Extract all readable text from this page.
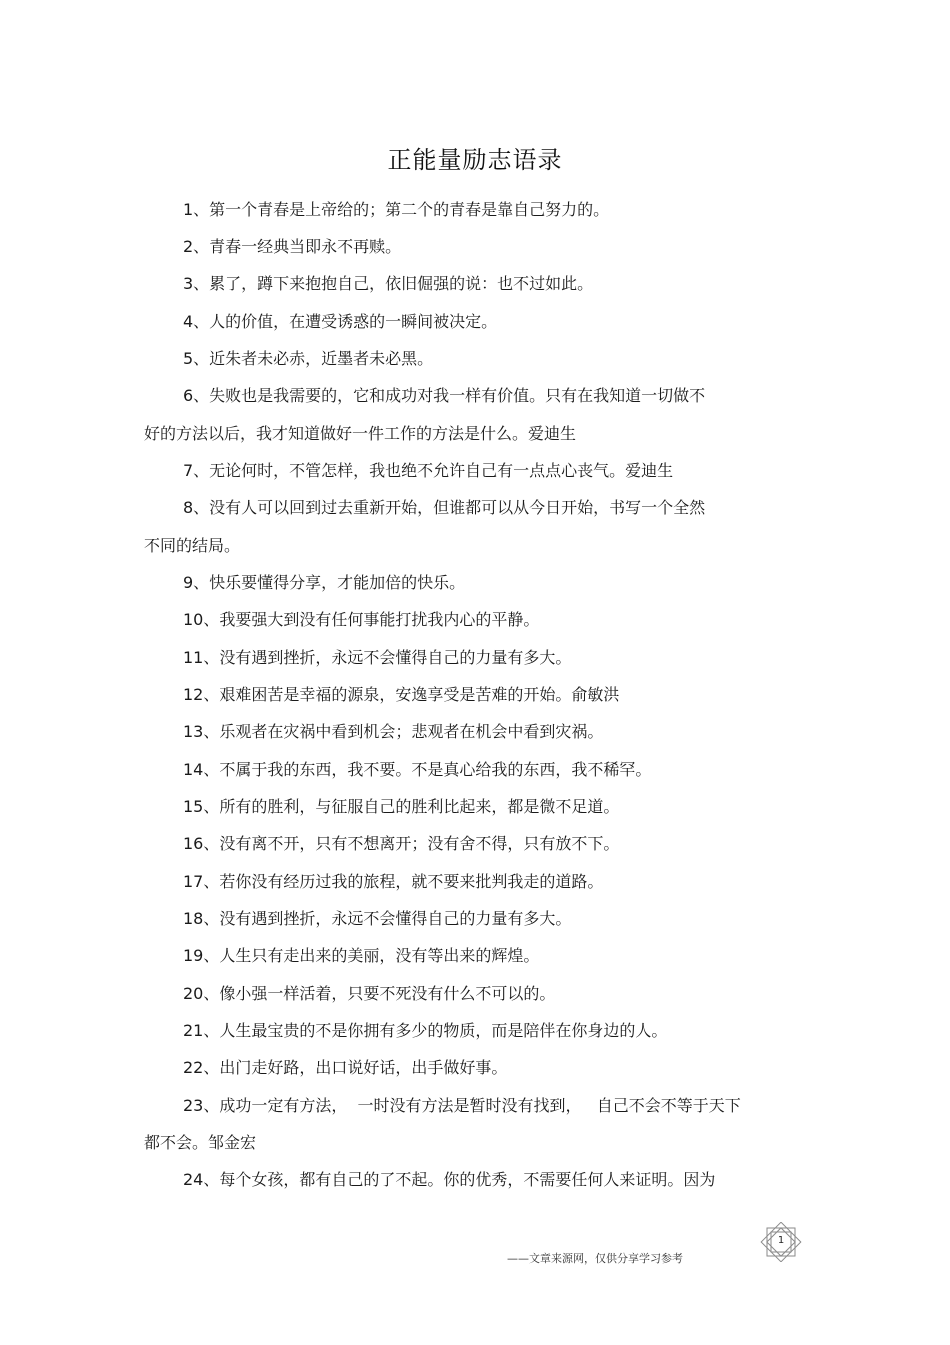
正能量励志语录
1、第一个青春是上帝给的；第二个的青春是靠自己努力的。
2、青春一经典当即永不再赎。
3、累了，蹲下来抱抱自己，依旧倔强的说：也不过如此。
4、人的价值，在遭受诱惑的一瞬间被决定。
5、近朱者未必赤，近墨者未必黑。
6、失败也是我需要的，它和成功对我一样有价值。只有在我知道一切做不
好的方法以后，我才知道做好一件工作的方法是什么。爱迪生
7、无论何时，不管怎样，我也绝不允许自己有一点点心丧气。爱迪生
8、没有人可以回到过去重新开始，但谁都可以从今日开始，书写一个全然
不同的结局。
9、快乐要懂得分享，才能加倍的快乐。
10、我要强大到没有任何事能打扰我内心的平静。
11、没有遇到挫折，永远不会懂得自己的力量有多大。
12、艰难困苦是幸福的源泉，安逸享受是苦难的开始。俞敏洪
13、乐观者在灾祸中看到机会；悲观者在机会中看到灾祸。
14、不属于我的东西，我不要。不是真心给我的东西，我不稀罕。
15、所有的胜利，与征服自己的胜利比起来，都是微不足道。
16、没有离不开，只有不想离开；没有舍不得，只有放不下。
17、若你没有经历过我的旅程，就不要来批判我走的道路。
18、没有遇到挫折，永远不会懂得自己的力量有多大。
19、人生只有走出来的美丽，没有等出来的辉煌。
20、像小强一样活着，只要不死没有什么不可以的。
21、人生最宝贵的不是你拥有多少的物质，而是陪伴在你身边的人。
22、出门走好路，出口说好话，出手做好事。
23、成功一定有方法，  一时没有方法是暂时没有找到，   自己不会不等于天下
都不会。邹金宏
24、每个女孩，都有自己的了不起。你的优秀，不需要任何人来证明。因为
——文章来源网，仅供分享学习参考
1
